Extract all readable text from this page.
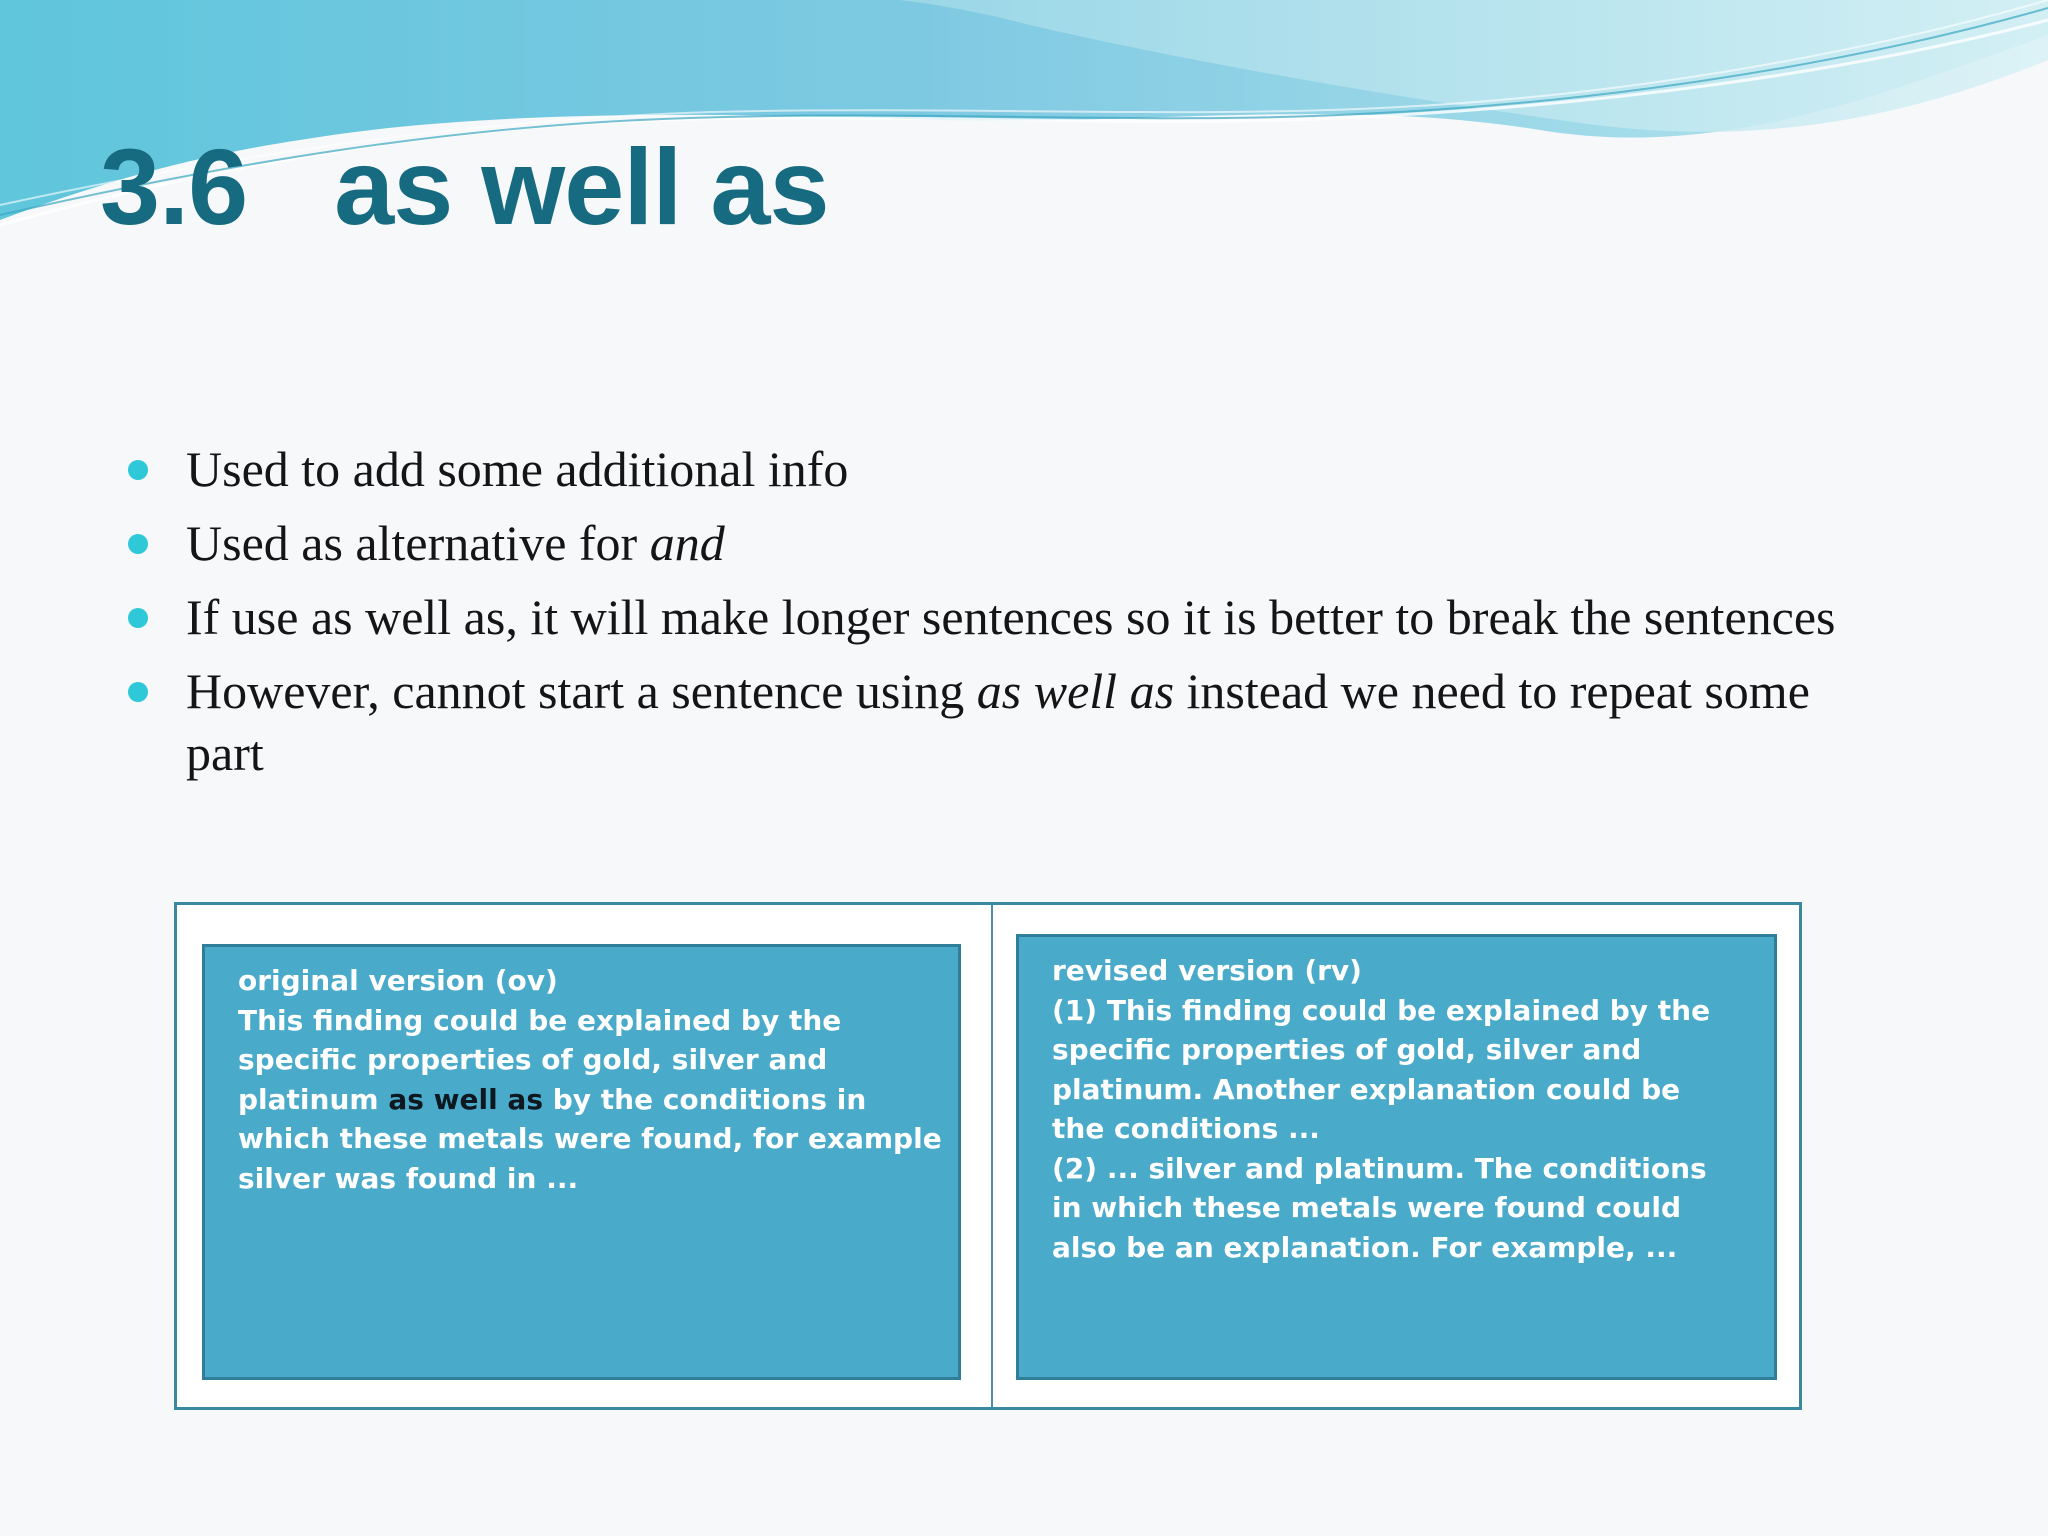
3.6   as well as
Used to add some additional info
Used as alternative for and
If use as well as, it will make longer sentences so it is better to break the sentences
However, cannot start a sentence using as well as instead we need to repeat some part
original version (ov)
This finding could be explained by the
specific properties of gold, silver and
platinum as well as by the conditions in
which these metals were found, for example
silver was found in ...
revised version (rv)
(1) This finding could be explained by the
specific properties of gold, silver and
platinum. Another explanation could be
the conditions ...
(2) ... silver and platinum. The conditions
in which these metals were found could
also be an explanation. For example, ...
